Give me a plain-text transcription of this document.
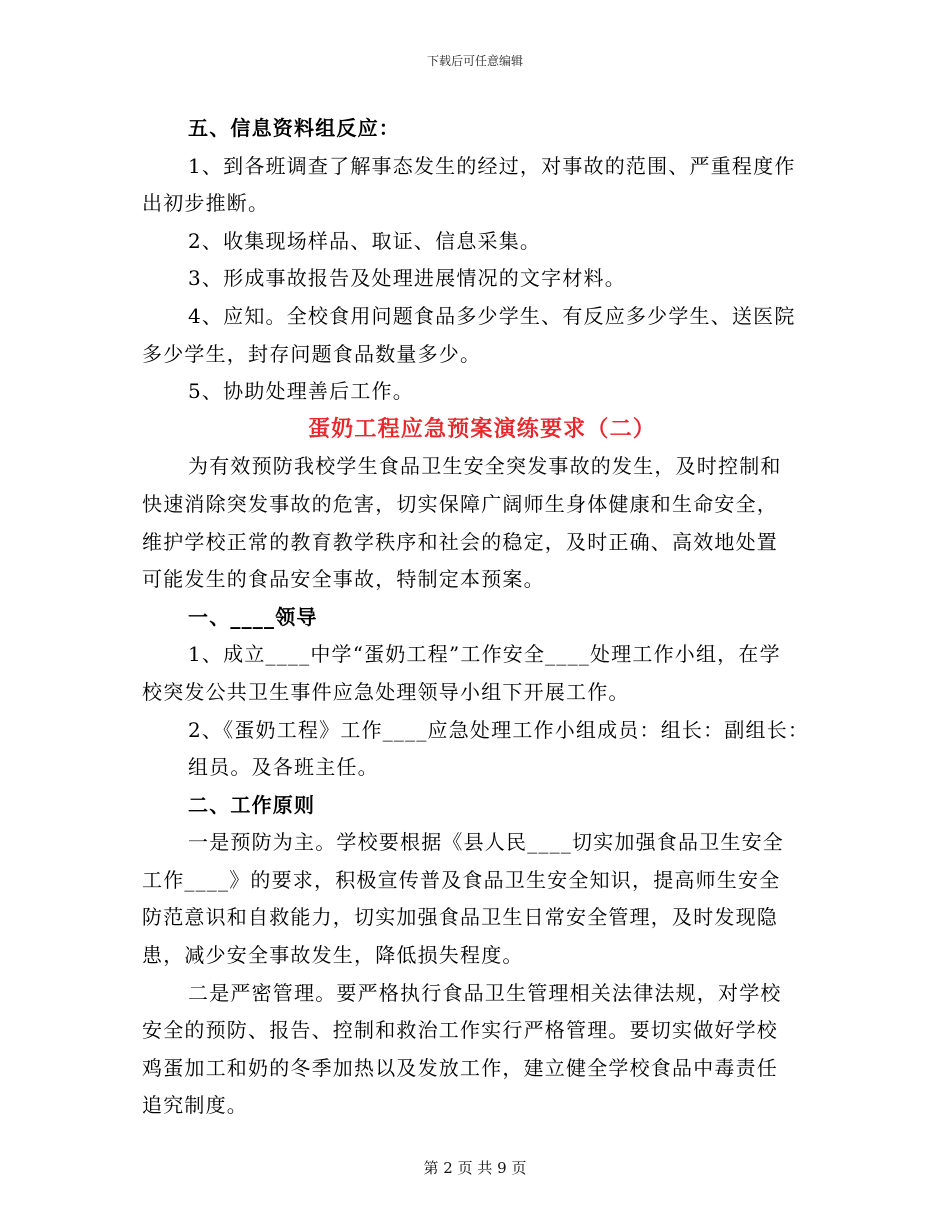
下载后可任意编辑
五、信息资料组反应：
1、到各班调查了解事态发生的经过，对事故的范围、严重程度作
出初步推断。
2、收集现场样品、取证、信息采集。
3、形成事故报告及处理进展情况的文字材料。
4、应知。全校食用问题食品多少学生、有反应多少学生、送医院
多少学生，封存问题食品数量多少。
5、协助处理善后工作。
蛋奶工程应急预案演练要求（二）
为有效预防我校学生食品卫生安全突发事故的发生，及时控制和
快速消除突发事故的危害，切实保障广阔师生身体健康和生命安全，
维护学校正常的教育教学秩序和社会的稳定，及时正确、高效地处置
可能发生的食品安全事故，特制定本预案。
一、____领导
1、成立____中学“蛋奶工程”工作安全____处理工作小组，在学
校突发公共卫生事件应急处理领导小组下开展工作。
2、《蛋奶工程》工作____应急处理工作小组成员：组长：副组长：
组员。及各班主任。
二、工作原则
一是预防为主。学校要根据《县人民____切实加强食品卫生安全
工作____》的要求，积极宣传普及食品卫生安全知识，提高师生安全
防范意识和自救能力，切实加强食品卫生日常安全管理，及时发现隐
患，减少安全事故发生，降低损失程度。
二是严密管理。要严格执行食品卫生管理相关法律法规，对学校
安全的预防、报告、控制和救治工作实行严格管理。要切实做好学校
鸡蛋加工和奶的冬季加热以及发放工作，建立健全学校食品中毒责任
追究制度。
第 2 页 共 9 页
